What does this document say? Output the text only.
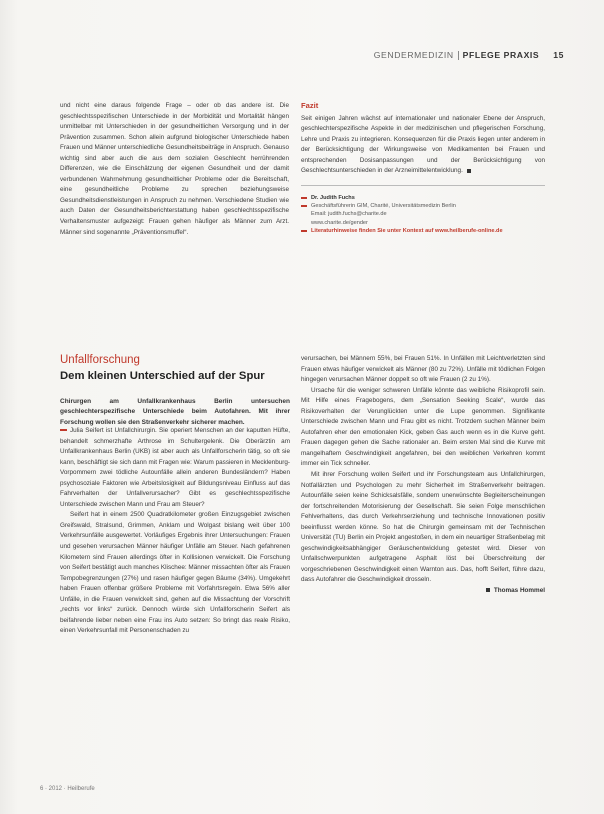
GENDERMEDIZIN PFLEGE PRAXIS 15

und nicht eine daraus folgende Frage – oder ob das andere ist. Die geschlechtsspezifischen Unterschiede in der Morbidität und Mortalität hängen unmittelbar mit Unterschieden in der gesundheitlichen Versorgung und in der Prävention zusammen. Schon allein aufgrund biologischer Unterschiede haben Frauen und Männer unterschiedliche Gesundheitsbeiträge in Anspruch. Genauso wichtig sind aber auch die aus dem sozialen Geschlecht herrührenden Differenzen, wie die Einschätzung der eigenen Gesundheit und der damit verbundenen Wahrnehmung gesundheitlicher Probleme oder die Bereitschaft, eine gesundheitliche Probleme zu sprechen beziehungsweise Gesundheitsdienstleistungen in Anspruch zu nehmen. Verschiedene Studien wie auch Daten der Gesundheitsberichterstattung haben geschlechtsspezifische Verhaltensmuster aufgezeigt: Frauen gehen häufiger als Männer zum Arzt. Männer sind sogenannte „Präventionsmuffel“.

Fazit

Seit einigen Jahren wächst auf internationaler und nationaler Ebene der Anspruch, geschlechterspezifische Aspekte in der medizinischen und pflegerischen Forschung, Lehre und Praxis zu integrieren. Konsequenzen für die Praxis liegen unter anderem in der Berücksichtigung der Wirkungsweise von Medikamenten bei Frauen und entsprechenden Dosisanpassungen und der Berücksichtigung von Geschlechtsunterschieden in der Arzneimittelentwicklung.

Dr. Judith Fuchs
Geschäftsführerin GIM, Charité, Universitätsmedizin Berlin
Email: judith.fuchs@charite.de
www.charite.de/gender
Literaturhinweise finden Sie unter Kontext auf www.heilberufe-online.de
Unfallforschung
Dem kleinen Unterschied auf der Spur
Chirurgen am Unfallkrankenhaus Berlin untersuchen geschlechterspezifische Unterschiede beim Autofahren. Mit ihrer Forschung wollen sie den Straßenverkehr sicherer machen.

Julia Seifert ist Unfallchirurgin. Sie operiert Menschen an der kaputten Hüfte, behandelt schmerzhafte Arthrose im Schultergelenk. Die Oberärztin am Unfallkrankenhaus Berlin (UKB) ist aber auch als Unfallforscherin tätig, so oft sie kann, beschäftigt sie sich dann mit Fragen wie: Warum passieren in Mecklenburg-Vorpommern zwei tödliche Autounfälle allein anderen Bundesländern? Haben psychosoziale Faktoren wie Arbeitslosigkeit auf Bildungsniveau Einfluss auf das Fahrverhalten der Unfallverursacher? Gibt es geschlechtsspezifische Unterschiede zwischen Mann und Frau am Steuer?

Seifert hat in einem 2500 Quadratkilometer großen Einzugsgebiet zwischen Greifswald, Stralsund, Grimmen, Anklam und Wolgast bislang weit über 100 Verkehrsunfälle ausgewertet. Vorläufiges Ergebnis ihrer Untersuchungen: Frauen und gesehen verursachen Männer häufiger Unfälle am Steuer. Nach gefahrenen Kilometern sind Frauen allerdings öfter in Kollisionen verwickelt. Die Forschung von Seifert bestätigt auch manches Klischee: Männer missachten öfter als Frauen Tempobegrenzungen (27%) und rasen häufiger gegen Bäume (34%). Umgekehrt haben Frauen offenbar größere Probleme mit Vorfahrtsregeln. Etwa 56% aller Unfälle, in die Frauen verwickelt sind, gehen auf die Missachtung der Vorschrift „rechts vor links“ zurück. Dennoch würde sich Unfallforscherin Seifert als beifahrende lieber neben eine Frau ins Auto setzen: So bringt das reale Risiko, einen Verkehrsunfall mit Personenschaden zu

verursachen, bei Männern 55%, bei Frauen 51%. In Unfällen mit Leichtverletzten sind Frauen etwas häufiger verwickelt als Männer (80 zu 72%). Unfälle mit tödlichen Folgen hingegen verursachen Männer doppelt so oft wie Frauen (2 zu 1%).

Ursache für die weniger schweren Unfälle könnte das weibliche Risikoprofil sein. Mit Hilfe eines Fragebogens, dem „Sensation Seeking Scale“, wurde das Risikoverhalten der Verunglückten unter die Lupe genommen. Signifikante Unterschiede zwischen Mann und Frau gibt es nicht. Trotzdem suchen Männer beim Autofahren eher den emotionalen Kick, geben Gas auch wenn es in die Kurve geht. Frauen dagegen gehen die Sache rationaler an. Beim ersten Mal sind die Kurve mit mangelhaftem Geschwindigkeit angefahren, bei den weiblichen Verkehren kommt immer ein Tick schneller.

Mit ihrer Forschung wollen Seifert und ihr Forschungsteam aus Unfallchirurgen, Notfallärzten und Psychologen zu mehr Sicherheit im Straßenverkehr beitragen. Autounfälle seien keine Schicksalsfälle, sondern unerwünschte Begleiterscheinungen der fortschreitenden Motorisierung der Gesellschaft. Sie seien Folge menschlichen Fehlverhaltens, das durch Verkehrserziehung und technische Innovationen positiv beeinflusst werden könne. So hat die Chirurgin gemeinsam mit der Technischen Universität (TU) Berlin ein Projekt angestoßen, in dem ein neuartiger Straßenbelag mit geschwindigkeitsabhängiger Geräuschentwicklung getestet wird. Dieser von Unfallschwerpunkten aufgetragene Asphalt löst bei Überschreitung der vorgeschriebenen Geschwindigkeit einen Warnton aus. Das, hofft Seifert, führe dazu, dass Autofahrer die Geschwindigkeit drosseln.

Thomas Hommel
6 · 2012 · Heilberufe
